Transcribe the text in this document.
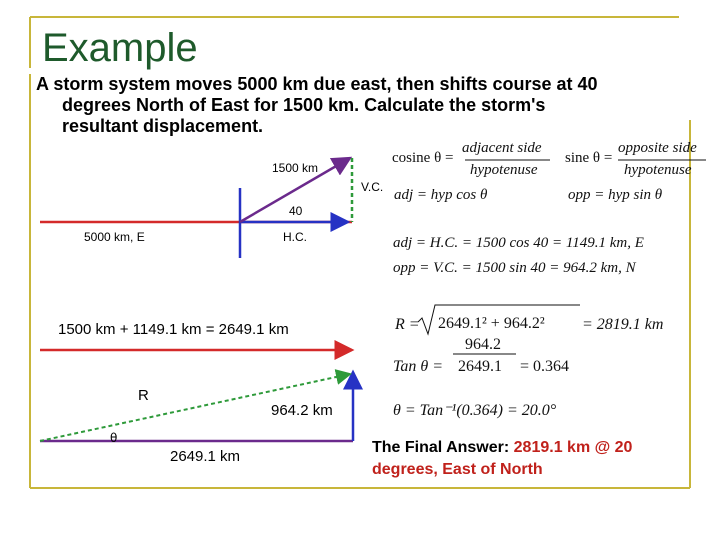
Example
A storm system moves 5000 km due east, then shifts course at 40
degrees North of East for 1500 km. Calculate the storm's
resultant displacement.
1500 km
V.C.
40
5000 km, E	H.C.
cosine θ =
adjacent side
hypotenuse
sine θ =
opposite side
hypotenuse
adj = hyp cos θ	opp = hyp sin θ
adj = H.C. = 1500 cos 40 = 1149.1 km, E
opp = V.C. = 1500 sin 40 = 964.2 km, N
1500 km + 1149.1 km = 2649.1 km
R
964.2 km
θ
2649.1 km
R = 2649.1² + 964.2² = 2819.1 km
Tan θ =
964.2
2649.1 = 0.364
θ = Tan⁻¹(0.364) = 20.0°
The Final Answer: 2819.1 km @ 20 degrees, East of North
